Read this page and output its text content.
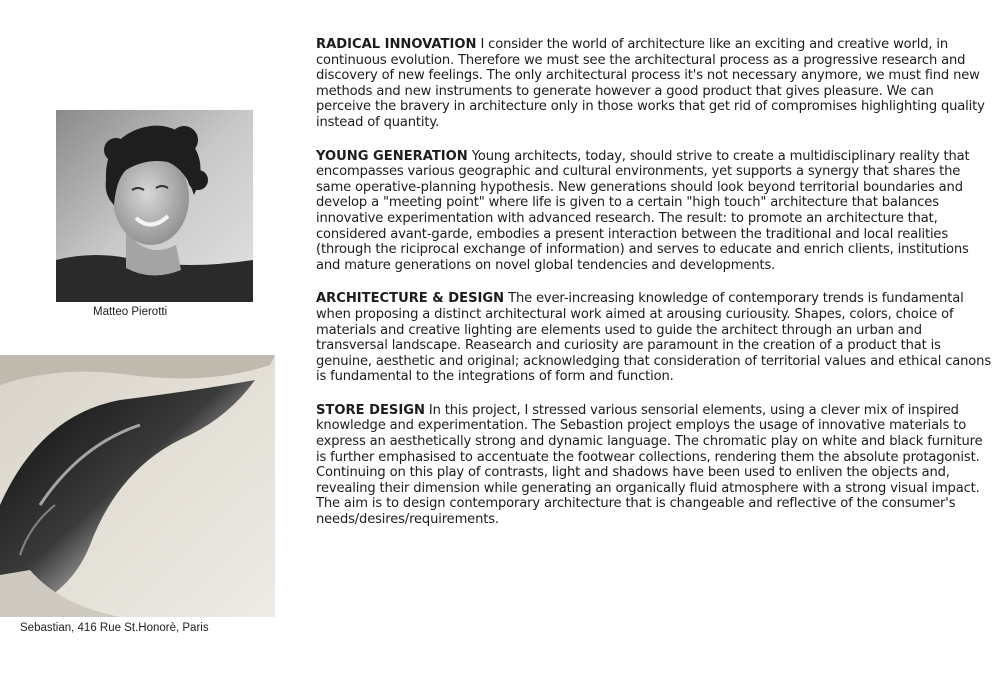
Matteo Pierotti
Sebastian, 416 Rue St.Honorè, Paris

RADICAL INNOVATION I consider the world of architecture like an exciting and creative world, in continuous evolution. Therefore we must see the architectural process as a progressive research and discovery of new feelings. The only architectural process it's not necessary anymore, we must find new methods and new instruments to generate however a good product that gives pleasure. We can perceive the bravery in architecture only in those works that get rid of compromises highlighting quality instead of quantity.

YOUNG GENERATION Young architects, today, should strive to create a multidisciplinary reality that encompasses various geographic and cultural environments, yet supports a synergy that shares the same operative-planning hypothesis. New generations should look beyond territorial boundaries and develop a "meeting point" where life is given to a certain "high touch" architecture that balances innovative experimentation with advanced research. The result: to promote an architecture that, considered avant-garde, embodies a present interaction between the traditional and local realities (through the riciprocal exchange of information) and serves to educate and enrich clients, institutions and mature generations on novel global tendencies and developments.

ARCHITECTURE & DESIGN The ever-increasing knowledge of contemporary trends is fundamental when proposing a distinct architectural work aimed at arousing curiousity. Shapes, colors, choice of materials and creative lighting are elements used to guide the architect through an urban and transversal landscape. Reasearch and curiosity are paramount in the creation of a product that is genuine, aesthetic and original; acknowledging that consideration of territorial values and ethical canons is fundamental to the integrations of form and function.

STORE DESIGN In this project, I stressed various sensorial elements, using a clever mix of inspired knowledge and experimentation. The Sebastion project employs the usage of innovative materials to express an aesthetically strong and dynamic language. The chromatic play on white and black furniture is further emphasised to accentuate the footwear collections, rendering them the absolute protagonist. Continuing on this play of contrasts, light and shadows have been used to enliven the objects and, revealing their dimension while generating an organically fluid atmosphere with a strong visual impact. The aim is to design contemporary architecture that is changeable and reflective of the consumer's needs/desires/requirements.
